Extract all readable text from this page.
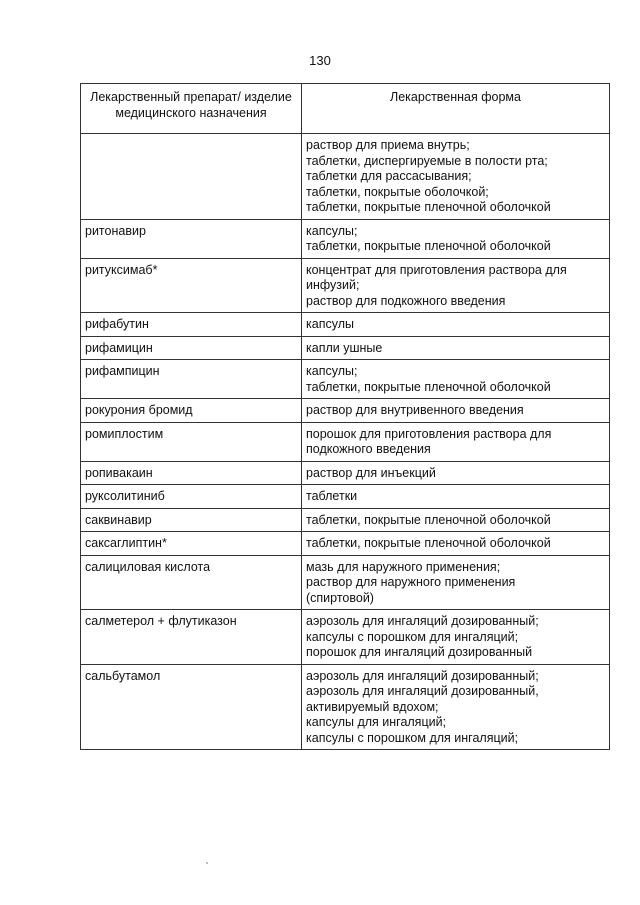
130
Лекарственный препарат/ изделие медицинского назначения	Лекарственная форма

	раствор для приема внутрь;
таблетки, диспергируемые в полости рта;
таблетки для рассасывания;
таблетки, покрытые оболочкой;
таблетки, покрытые пленочной оболочкой

ритонавир	капсулы;
таблетки, покрытые пленочной оболочкой

ритуксимаб*	концентрат для приготовления раствора для
инфузий;
раствор для подкожного введения

рифабутин	капсулы

рифамицин	капли ушные

рифампицин	капсулы;
таблетки, покрытые пленочной оболочкой

рокурония бромид	раствор для внутривенного введения

ромиплостим	порошок для приготовления раствора для
подкожного введения

ропивакаин	раствор для инъекций

руксолитиниб	таблетки

саквинавир	таблетки, покрытые пленочной оболочкой

саксаглиптин*	таблетки, покрытые пленочной оболочкой

салициловая кислота	мазь для наружного применения;
раствор для наружного применения
(спиртовой)

салметерол + флутиказон	аэрозоль для ингаляций дозированный;
капсулы с порошком для ингаляций;
порошок для ингаляций дозированный

сальбутамол	аэрозоль для ингаляций дозированный;
аэрозоль для ингаляций дозированный,
активируемый вдохом;
капсулы для ингаляций;
капсулы с порошком для ингаляций;
